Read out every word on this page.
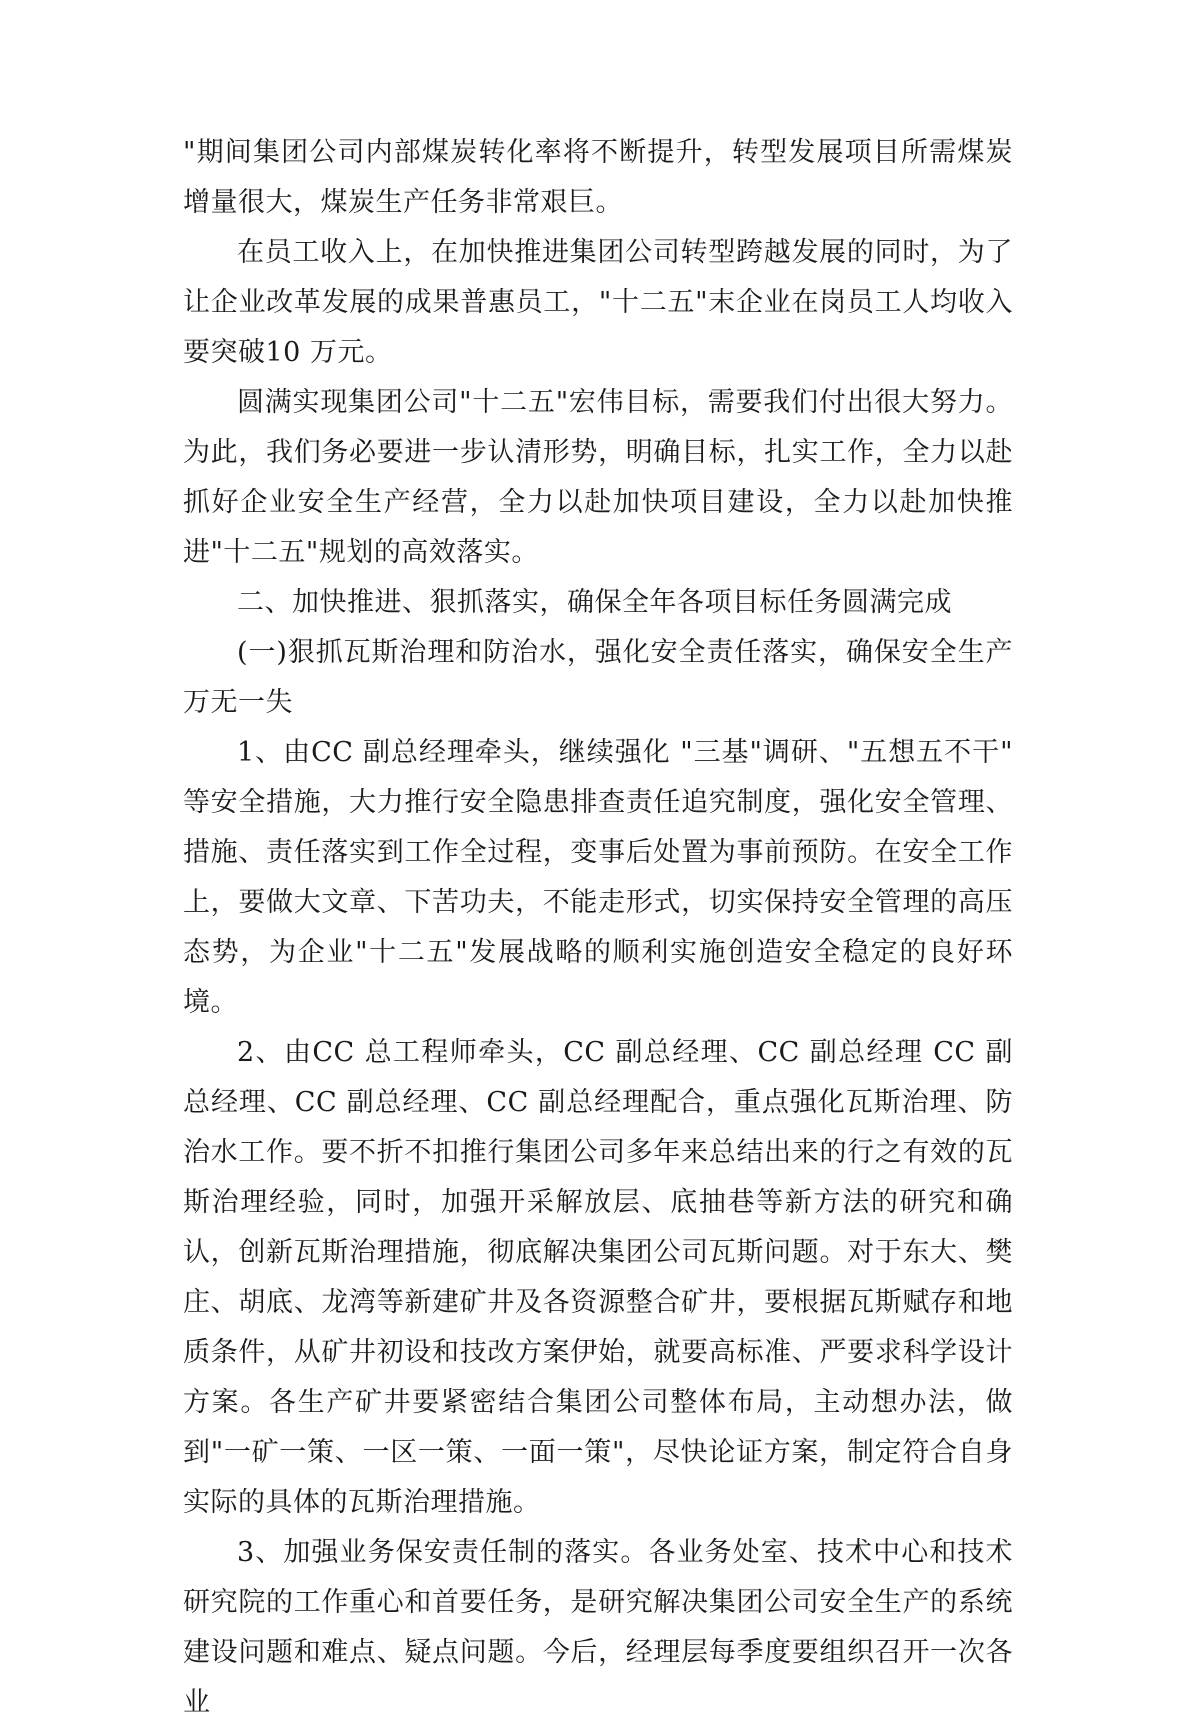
"期间集团公司内部煤炭转化率将不断提升，转型发展项目所需煤炭增量很大，煤炭生产任务非常艰巨。

在员工收入上，在加快推进集团公司转型跨越发展的同时，为了让企业改革发展的成果普惠员工，"十二五"末企业在岗员工人均收入要突破10 万元。

圆满实现集团公司"十二五"宏伟目标，需要我们付出很大努力。为此，我们务必要进一步认清形势，明确目标，扎实工作，全力以赴抓好企业安全生产经营，全力以赴加快项目建设，全力以赴加快推进"十二五"规划的高效落实。

二、加快推进、狠抓落实，确保全年各项目标任务圆满完成

(一)狠抓瓦斯治理和防治水，强化安全责任落实，确保安全生产万无一失

1、由CC 副总经理牵头，继续强化 "三基"调研、"五想五不干" 等安全措施，大力推行安全隐患排查责任追究制度，强化安全管理、措施、责任落实到工作全过程，变事后处置为事前预防。在安全工作上，要做大文章、下苦功夫，不能走形式，切实保持安全管理的高压态势，为企业"十二五"发展战略的顺利实施创造安全稳定的良好环境。

2、由CC 总工程师牵头，CC 副总经理、CC 副总经理 CC 副总经理、CC 副总经理、CC 副总经理配合，重点强化瓦斯治理、防治水工作。要不折不扣推行集团公司多年来总结出来的行之有效的瓦斯治理经验，同时，加强开采解放层、底抽巷等新方法的研究和确认，创新瓦斯治理措施，彻底解决集团公司瓦斯问题。对于东大、樊庄、胡底、龙湾等新建矿井及各资源整合矿井，要根据瓦斯赋存和地质条件，从矿井初设和技改方案伊始，就要高标准、严要求科学设计方案。各生产矿井要紧密结合集团公司整体布局，主动想办法，做到"一矿一策、一区一策、一面一策"，尽快论证方案，制定符合自身实际的具体的瓦斯治理措施。

3、加强业务保安责任制的落实。各业务处室、技术中心和技术研究院的工作重心和首要任务，是研究解决集团公司安全生产的系统建设问题和难点、疑点问题。今后，经理层每季度要组织召开一次各业
